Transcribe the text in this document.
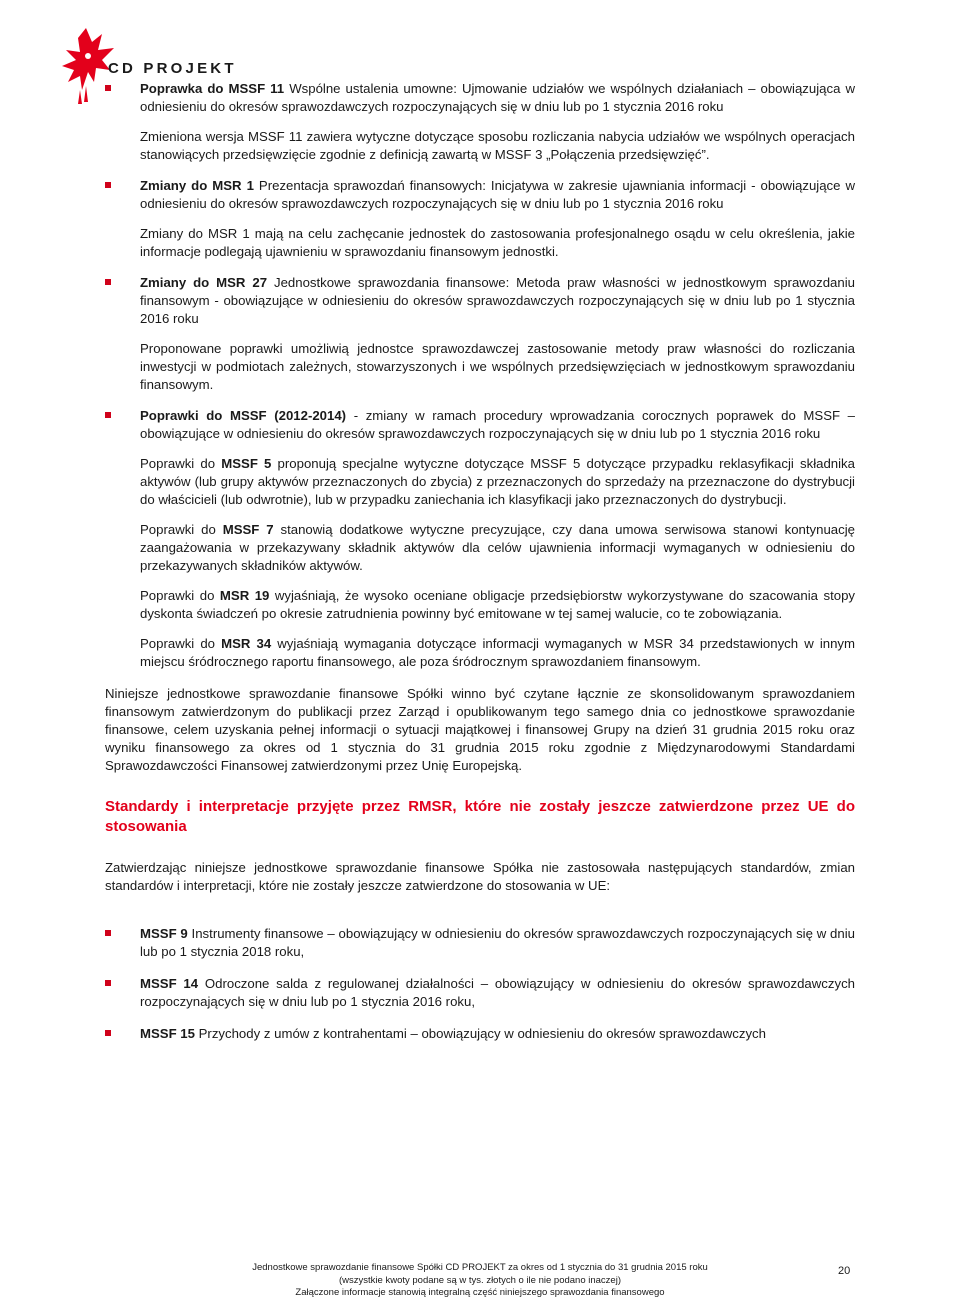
CD PROJEKT

Poprawka do MSSF 11 Wspólne ustalenia umowne: Ujmowanie udziałów we wspólnych działaniach – obowiązująca w odniesieniu do okresów sprawozdawczych rozpoczynających się w dniu lub po 1 stycznia 2016 roku

Zmieniona wersja MSSF 11 zawiera wytyczne dotyczące sposobu rozliczania nabycia udziałów we wspólnych operacjach stanowiących przedsięwzięcie zgodnie z definicją zawartą w MSSF 3 „Połączenia przedsięwzięć”.

Zmiany do MSR 1 Prezentacja sprawozdań finansowych: Inicjatywa w zakresie ujawniania informacji - obowiązujące w odniesieniu do okresów sprawozdawczych rozpoczynających się w dniu lub po 1 stycznia 2016 roku

Zmiany do MSR 1 mają na celu zachęcanie jednostek do zastosowania profesjonalnego osądu w celu określenia, jakie informacje podlegają ujawnieniu w sprawozdaniu finansowym jednostki.

Zmiany do MSR 27 Jednostkowe sprawozdania finansowe: Metoda praw własności w jednostkowym sprawozdaniu finansowym - obowiązujące w odniesieniu do okresów sprawozdawczych rozpoczynających się w dniu lub po 1 stycznia 2016 roku

Proponowane poprawki umożliwią jednostce sprawozdawczej zastosowanie metody praw własności do rozliczania inwestycji w podmiotach zależnych, stowarzyszonych i we wspólnych przedsięwzięciach w jednostkowym sprawozdaniu finansowym.

Poprawki do MSSF (2012-2014) - zmiany w ramach procedury wprowadzania corocznych poprawek do MSSF – obowiązujące w odniesieniu do okresów sprawozdawczych rozpoczynających się w dniu lub po 1 stycznia 2016 roku

Poprawki do MSSF 5 proponują specjalne wytyczne dotyczące MSSF 5 dotyczące przypadku reklasyfikacji składnika aktywów (lub grupy aktywów przeznaczonych do zbycia) z przeznaczonych do sprzedaży na przeznaczone do dystrybucji do właścicieli (lub odwrotnie), lub w przypadku zaniechania ich klasyfikacji jako przeznaczonych do dystrybucji.

Poprawki do MSSF 7 stanowią dodatkowe wytyczne precyzujące, czy dana umowa serwisowa stanowi kontynuację zaangażowania w przekazywany składnik aktywów dla celów ujawnienia informacji wymaganych w odniesieniu do przekazywanych składników aktywów.

Poprawki do MSR 19 wyjaśniają, że wysoko oceniane obligacje przedsiębiorstw wykorzystywane do szacowania stopy dyskonta świadczeń po okresie zatrudnienia powinny być emitowane w tej samej walucie, co te zobowiązania.

Poprawki do MSR 34 wyjaśniają wymagania dotyczące informacji wymaganych w MSR 34 przedstawionych w innym miejscu śródrocznego raportu finansowego, ale poza śródrocznym sprawozdaniem finansowym.

Niniejsze jednostkowe sprawozdanie finansowe Spółki winno być czytane łącznie ze skonsolidowanym sprawozdaniem finansowym zatwierdzonym do publikacji przez Zarząd i opublikowanym tego samego dnia co jednostkowe sprawozdanie finansowe, celem uzyskania pełnej informacji o sytuacji majątkowej i finansowej Grupy na dzień 31 grudnia 2015 roku oraz wyniku finansowego za okres od 1 stycznia do 31 grudnia 2015 roku zgodnie z Międzynarodowymi Standardami Sprawozdawczości Finansowej zatwierdzonymi przez Unię Europejską.

Standardy i interpretacje przyjęte przez RMSR, które nie zostały jeszcze zatwierdzone przez UE do stosowania

Zatwierdzając niniejsze jednostkowe sprawozdanie finansowe Spółka nie zastosowała następujących standardów, zmian standardów i interpretacji, które nie zostały jeszcze zatwierdzone do stosowania w UE:

MSSF 9 Instrumenty finansowe – obowiązujący w odniesieniu do okresów sprawozdawczych rozpoczynających się w dniu lub po 1 stycznia 2018 roku,

MSSF 14 Odroczone salda z regulowanej działalności – obowiązujący w odniesieniu do okresów sprawozdawczych rozpoczynających się w dniu lub po 1 stycznia 2016 roku,

MSSF 15 Przychody z umów z kontrahentami – obowiązujący w odniesieniu do okresów sprawozdawczych

Jednostkowe sprawozdanie finansowe Spółki CD PROJEKT za okres od 1 stycznia do 31 grudnia 2015 roku
(wszystkie kwoty podane są w tys. złotych o ile nie podano inaczej)
Załączone informacje stanowią integralną część niniejszego sprawozdania finansowego
20
